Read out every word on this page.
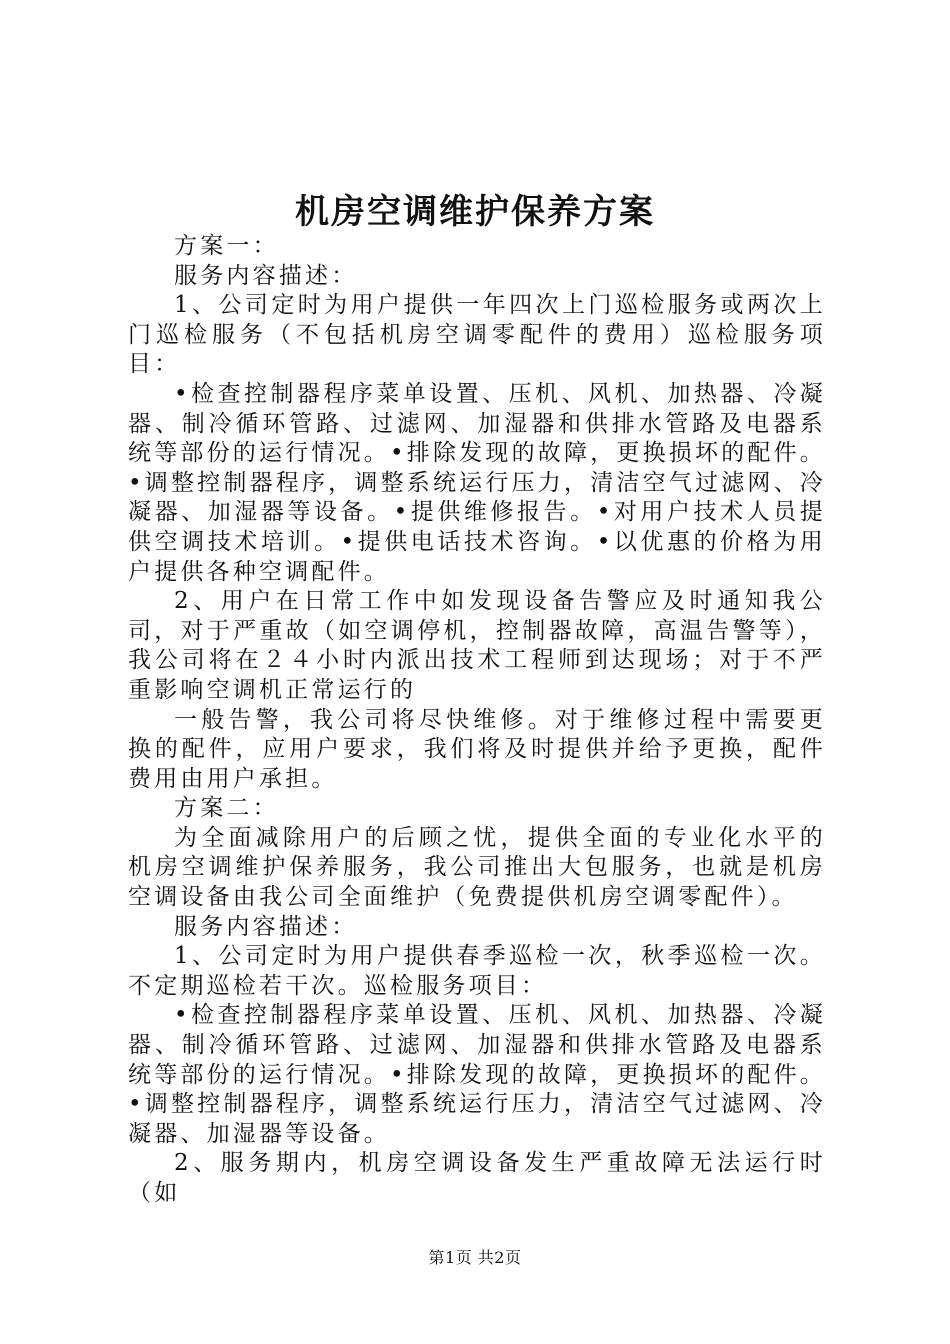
机房空调维护保养方案

方案一：

服务内容描述：

1、公司定时为用户提供一年四次上门巡检服务或两次上门巡检服务（不包括机房空调零配件的费用）巡检服务项目：

•检查控制器程序菜单设置、压机、风机、加热器、冷凝器、制冷循环管路、过滤网、加湿器和供排水管路及电器系统等部份的运行情况。•排除发现的故障，更换损坏的配件。•调整控制器程序，调整系统运行压力，清洁空气过滤网、冷凝器、加湿器等设备。•提供维修报告。•对用户技术人员提供空调技术培训。•提供电话技术咨询。•以优惠的价格为用户提供各种空调配件。

2、用户在日常工作中如发现设备告警应及时通知我公司，对于严重故（如空调停机，控制器故障，高温告警等），我公司将在２４小时内派出技术工程师到达现场；对于不严重影响空调机正常运行的

一般告警，我公司将尽快维修。对于维修过程中需要更换的配件，应用户要求，我们将及时提供并给予更换，配件费用由用户承担。

方案二：

为全面减除用户的后顾之忧，提供全面的专业化水平的机房空调维护保养服务，我公司推出大包服务，也就是机房空调设备由我公司全面维护（免费提供机房空调零配件）。

服务内容描述：

1、公司定时为用户提供春季巡检一次，秋季巡检一次。不定期巡检若干次。巡检服务项目：

•检查控制器程序菜单设置、压机、风机、加热器、冷凝器、制冷循环管路、过滤网、加湿器和供排水管路及电器系统等部份的运行情况。•排除发现的故障，更换损坏的配件。•调整控制器程序，调整系统运行压力，清洁空气过滤网、冷凝器、加湿器等设备。

2、服务期内，机房空调设备发生严重故障无法运行时（如

第1页 共2页
